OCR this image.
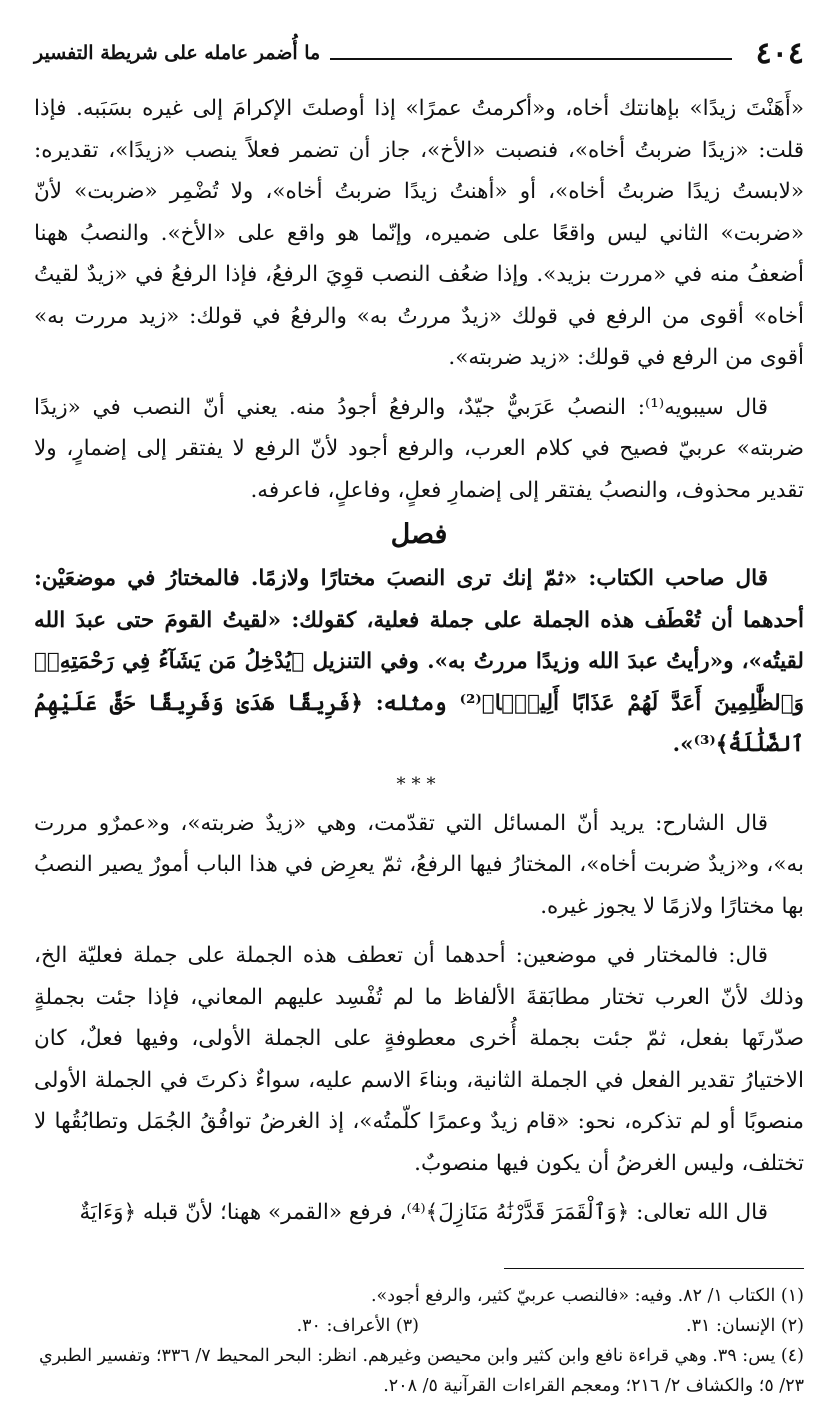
٤٠٤
ما أُضمر عامله على شريطة التفسير

«أَهَنْتَ زيدًا» بإهانتك أخاه، و«أكرمتُ عمرًا» إذا أوصلتَ الإكرامَ إلى غيره بسَبَبه. فإذا قلت: «زيدًا ضربتُ أخاه»، فنصبت «الأخ»، جاز أن تضمر فعلاً ينصب «زيدًا»، تقديره: «لابستُ زيدًا ضربتُ أخاه»، أو «أهنتُ زيدًا ضربتُ أخاه»، ولا تُضْمِر «ضربت» لأنّ «ضربت» الثاني ليس واقعًا على ضميره، وإنّما هو واقع على «الأخ». والنصبُ ههنا أضعفُ منه في «مررت بزيد». وإذا ضعُف النصب قوِيَ الرفعُ، فإذا الرفعُ في «زيدٌ لقيتُ أخاه» أقوى من الرفع في قولك «زيدٌ مررتُ به» والرفعُ في قولك: «زيد مررت به» أقوى من الرفع في قولك: «زيد ضربته».

قال سيبويه⁽¹⁾: النصبُ عَرَبيٌّ جيّدٌ، والرفعُ أجودُ منه. يعني أنّ النصب في «زيدًا ضربته» عربيّ فصيح في كلام العرب، والرفع أجود لأنّ الرفع لا يفتقر إلى إضمارٍ، ولا تقدير محذوف، والنصبُ يفتقر إلى إضمارِ فعلٍ، وفاعلٍ، فاعرفه.

فصل

قال صاحب الكتاب: «ثمّ إنك ترى النصبَ مختارًا ولازمًا. فالمختارُ في موضعَيْن: أحدهما أن تُعْطَف هذه الجملة على جملة فعلية، كقولك: «لقيتُ القومَ حتى عبدَ الله لقيتُه»، و«رأيتُ عبدَ الله وزيدًا مررتُ به». وفي التنزيل ﴿يُدْخِلُ مَن يَشَآءُ فِي رَحْمَتِهِۦۚ وَٱلظَّٰلِمِينَ أَعَدَّ لَهُمْ عَذَابًا أَلِيمًۢا﴾⁽²⁾ ومثله: ﴿فَرِيقًا هَدَىٰ وَفَرِيقًا حَقَّ عَلَيْهِمُ ٱلضَّلَٰلَةُ﴾⁽³⁾».

***

قال الشارح: يريد أنّ المسائل التي تقدّمت، وهي «زيدٌ ضربته»، و«عمرٌو مررت به»، و«زيدٌ ضربت أخاه»، المختارُ فيها الرفعُ، ثمّ يعرِض في هذا الباب أمورٌ يصير النصبُ بها مختارًا ولازمًا لا يجوز غيره.

قال: فالمختار في موضعين: أحدهما أن تعطف هذه الجملة على جملة فعليّة الخ، وذلك لأنّ العرب تختار مطابَقةَ الألفاظ ما لم تُفْسِد عليهم المعاني، فإذا جئت بجملةٍ صدّرتَها بفعل، ثمّ جئت بجملة أُخرى معطوفةٍ على الجملة الأولى، وفيها فعلٌ، كان الاختيارُ تقدير الفعل في الجملة الثانية، وبناءَ الاسم عليه، سواءٌ ذكرتَ في الجملة الأولى منصوبًا أو لم تذكره، نحو: «قام زيدٌ وعمرًا كلّمتُه»، إذ الغرضُ توافُقُ الجُمَل وتطابُقُها لا تختلف، وليس الغرضُ أن يكون فيها منصوبٌ.

قال الله تعالى: ﴿وَٱلْقَمَرَ قَدَّرْنَٰهُ مَنَازِلَ﴾⁽⁴⁾، فرفع «القمر» ههنا؛ لأنّ قبله ﴿وَءَايَةٌ

(١) الكتاب ١/ ٨٢. وفيه: «فالنصب عربيّ كثير، والرفع أجود».

(٢) الإنسان: ٣١.
(٣) الأعراف: ٣٠.

(٤) يس: ٣٩. وهي قراءة نافع وابن كثير وابن محيصن وغيرهم. انظر: البحر المحيط ٧/ ٣٣٦؛ وتفسير الطبري ٢٣/ ٥؛ والكشاف ٢/ ٢١٦؛ ومعجم القراءات القرآنية ٥/ ٢٠٨.
